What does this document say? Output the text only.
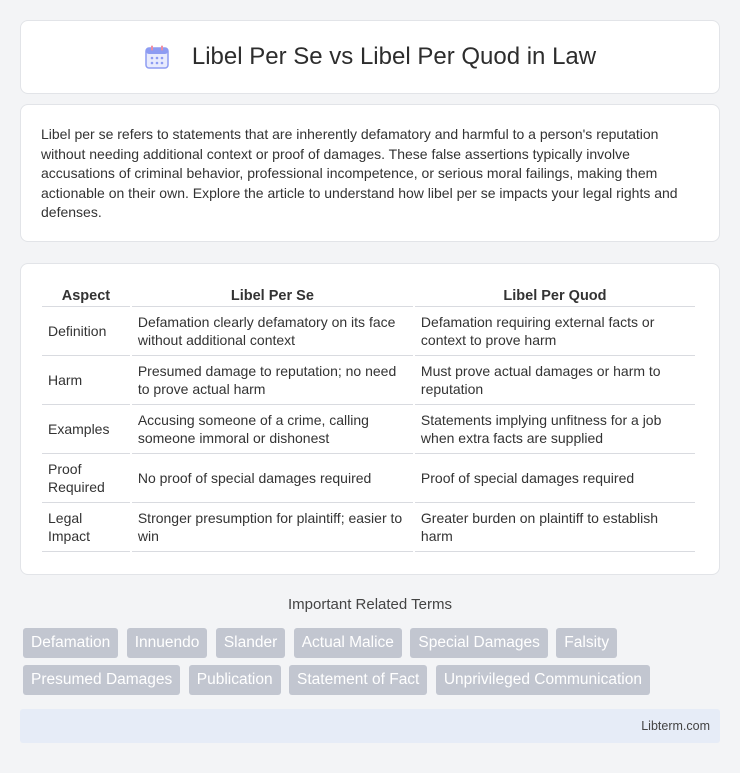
Libel Per Se vs Libel Per Quod in Law

Libel per se refers to statements that are inherently defamatory and harmful to a person's reputation without needing additional context or proof of damages. These false assertions typically involve accusations of criminal behavior, professional incompetence, or serious moral failings, making them actionable on their own. Explore the article to understand how libel per se impacts your legal rights and defenses.

Aspect	Libel Per Se	Libel Per Quod
Definition	Defamation clearly defamatory on its face without additional context	Defamation requiring external facts or context to prove harm
Harm	Presumed damage to reputation; no need to prove actual harm	Must prove actual damages or harm to reputation
Examples	Accusing someone of a crime, calling someone immoral or dishonest	Statements implying unfitness for a job when extra facts are supplied
Proof Required	No proof of special damages required	Proof of special damages required
Legal Impact	Stronger presumption for plaintiff; easier to win	Greater burden on plaintiff to establish harm
Important Related Terms
Defamation Innuendo Slander Actual Malice Special Damages Falsity Presumed Damages Publication Statement of Fact Unprivileged Communication
Libterm.com
